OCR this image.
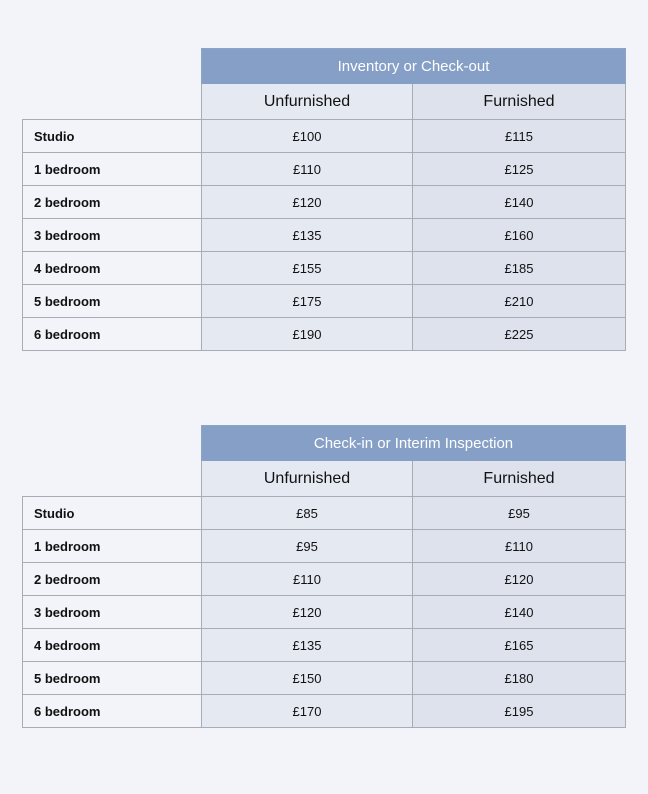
Inventory or Check-out
Unfurnished	Furnished
Studio	£100	£115
1 bedroom	£110	£125
2 bedroom	£120	£140
3 bedroom	£135	£160
4 bedroom	£155	£185
5 bedroom	£175	£210
6 bedroom	£190	£225
Check-in or Interim Inspection
Unfurnished	Furnished
Studio	£85	£95
1 bedroom	£95	£110
2 bedroom	£110	£120
3 bedroom	£120	£140
4 bedroom	£135	£165
5 bedroom	£150	£180
6 bedroom	£170	£195
